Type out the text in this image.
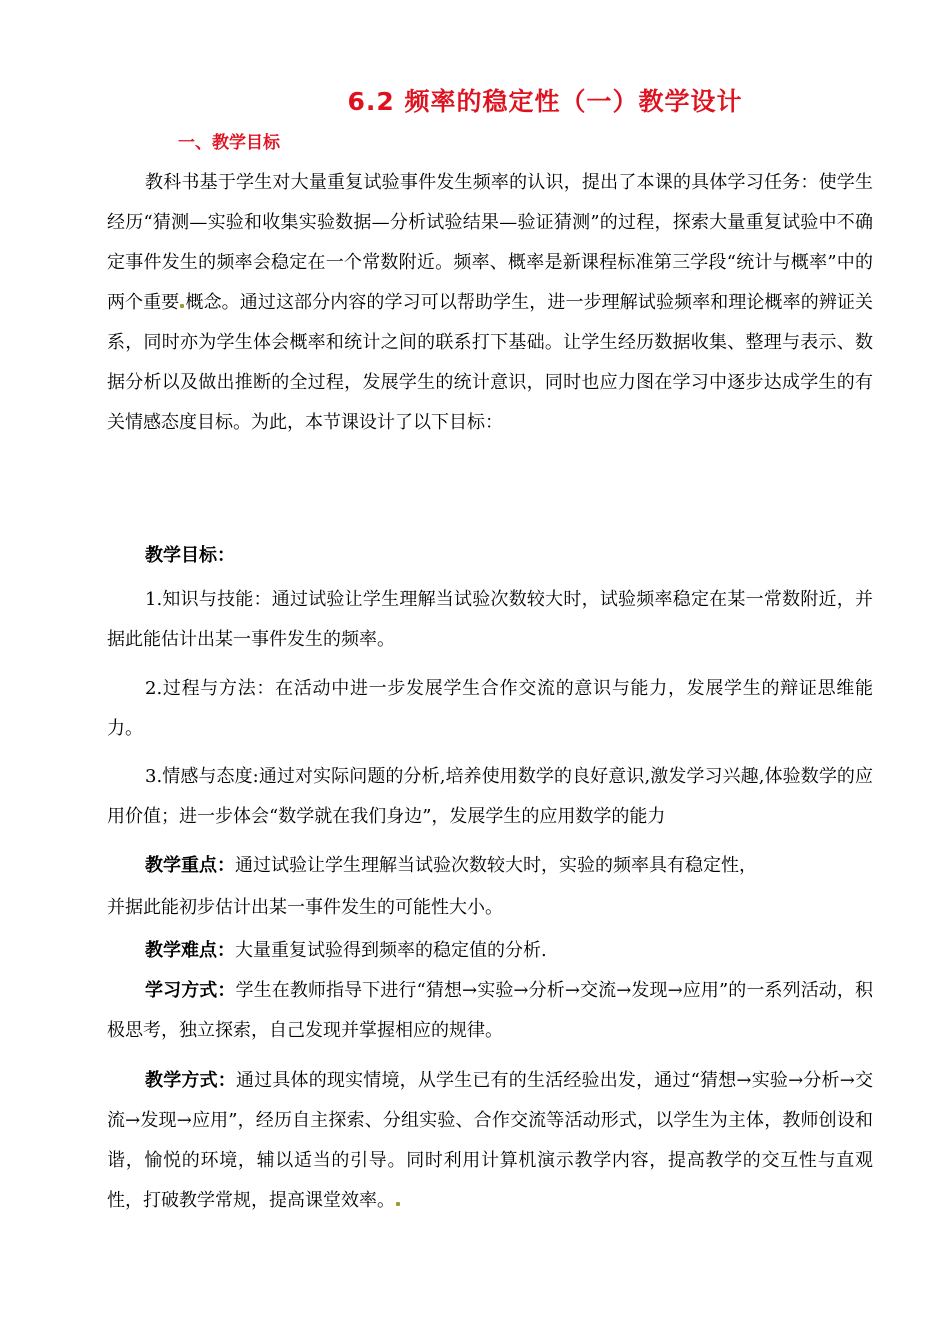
6.2 频率的稳定性（一）教学设计
一、教学目标
教科书基于学生对大量重复试验事件发生频率的认识，提出了本课的具体学习任务：使学生经历“猜测—实验和收集实验数据—分析试验结果—验证猜测”的过程，探索大量重复试验中不确定事件发生的频率会稳定在一个常数附近。频率、概率是新课程标准第三学段“统计与概率”中的两个重要 概念。通过这部分内容的学习可以帮助学生，进一步理解试验频率和理论概率的辨证关系，同时亦为学生体会概率和统计之间的联系打下基础。让学生经历数据收集、整理与表示、数据分析以及做出推断的全过程，发展学生的统计意识，同时也应力图在学习中逐步达成学生的有关情感态度目标。为此，本节课设计了以下目标：
教学目标：
1.知识与技能：通过试验让学生理解当试验次数较大时，试验频率稳定在某一常数附近，并据此能估计出某一事件发生的频率。
2.过程与方法：在活动中进一步发展学生合作交流的意识与能力，发展学生的辩证思维能力。
3.情感与态度:通过对实际问题的分析,培养使用数学的良好意识,激发学习兴趣,体验数学的应用价值；进一步体会“数学就在我们身边”，发展学生的应用数学的能力
教学重点：通过试验让学生理解当试验次数较大时，实验的频率具有稳定性，
并据此能初步估计出某一事件发生的可能性大小。
教学难点：大量重复试验得到频率的稳定值的分析.
学习方式：学生在教师指导下进行“猜想→实验→分析→交流→发现→应用”的一系列活动，积极思考，独立探索，自己发现并掌握相应的规律。
教学方式：通过具体的现实情境，从学生已有的生活经验出发，通过“猜想→实验→分析→交流→发现→应用”，经历自主探索、分组实验、合作交流等活动形式，以学生为主体，教师创设和谐，愉悦的环境，辅以适当的引导。同时利用计算机演示教学内容，提高教学的交互性与直观性，打破教学常规，提高课堂效率。
